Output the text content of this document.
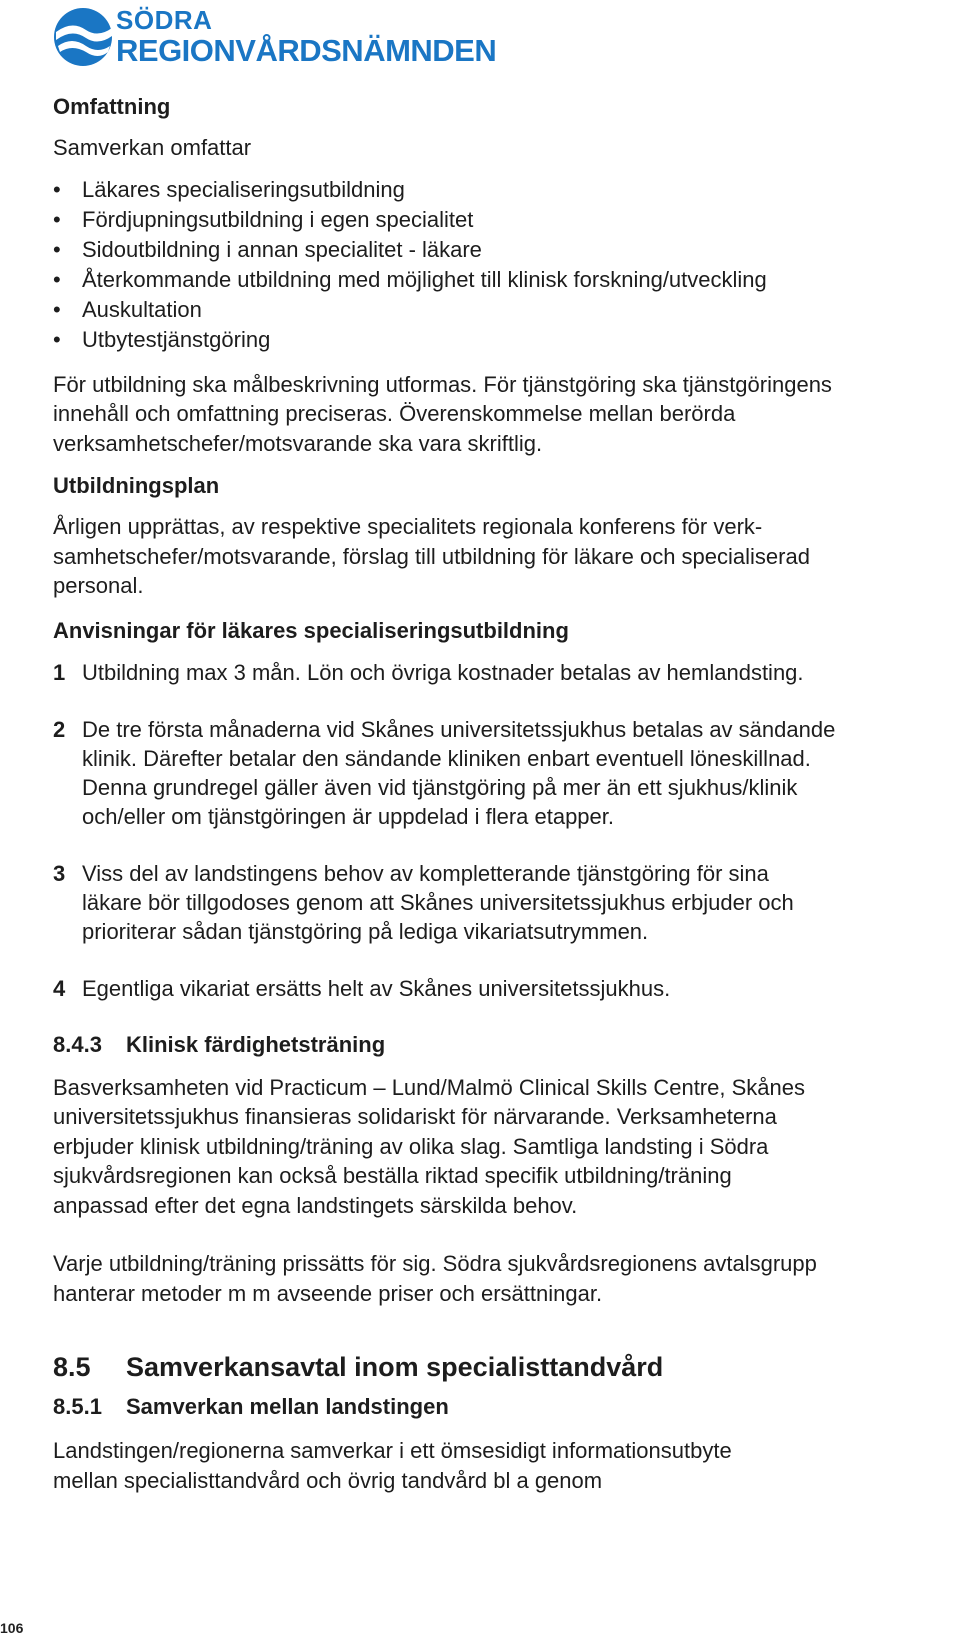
SÖDRA
REGIONVÅRDSNÄMNDEN
Omfattning
Samverkan omfattar
• Läkares specialiseringsutbildning
• Fördjupningsutbildning i egen specialitet
• Sidoutbildning i annan specialitet - läkare
• Återkommande utbildning med möjlighet till klinisk forskning/utveckling
• Auskultation
• Utbytestjänstgöring
För utbildning ska målbeskrivning utformas. För tjänstgöring ska tjänstgöringens
innehåll och omfattning preciseras. Överenskommelse mellan berörda
verksamhetschefer/motsvarande ska vara skriftlig.
Utbildningsplan
Årligen upprättas, av respektive specialitets regionala konferens för verk-
samhetschefer/motsvarande, förslag till utbildning för läkare och specialiserad
personal.
Anvisningar för läkares specialiseringsutbildning
1 Utbildning max 3 mån. Lön och övriga kostnader betalas av hemlandsting.
2 De tre första månaderna vid Skånes universitetssjukhus betalas av sändande
klinik. Därefter betalar den sändande kliniken enbart eventuell löneskillnad.
Denna grundregel gäller även vid tjänstgöring på mer än ett sjukhus/klinik
och/eller om tjänstgöringen är uppdelad i flera etapper.
3 Viss del av landstingens behov av kompletterande tjänstgöring för sina
läkare bör tillgodoses genom att Skånes universitetssjukhus erbjuder och
prioriterar sådan tjänstgöring på lediga vikariatsutrymmen.
4 Egentliga vikariat ersätts helt av Skånes universitetssjukhus.
8.4.3 Klinisk färdighetsträning
Basverksamheten vid Practicum – Lund/Malmö Clinical Skills Centre, Skånes
universitetssjukhus finansieras solidariskt för närvarande. Verksamheterna
erbjuder klinisk utbildning/träning av olika slag. Samtliga landsting i Södra
sjukvårdsregionen kan också beställa riktad specifik utbildning/träning
anpassad efter det egna landstingets särskilda behov.
Varje utbildning/träning prissätts för sig. Södra sjukvårdsregionens avtalsgrupp
hanterar metoder m m avseende priser och ersättningar.
8.5 Samverkansavtal inom specialisttandvård
8.5.1 Samverkan mellan landstingen
Landstingen/regionerna samverkar i ett ömsesidigt informationsutbyte
mellan specialisttandvård och övrig tandvård bl a genom
106
